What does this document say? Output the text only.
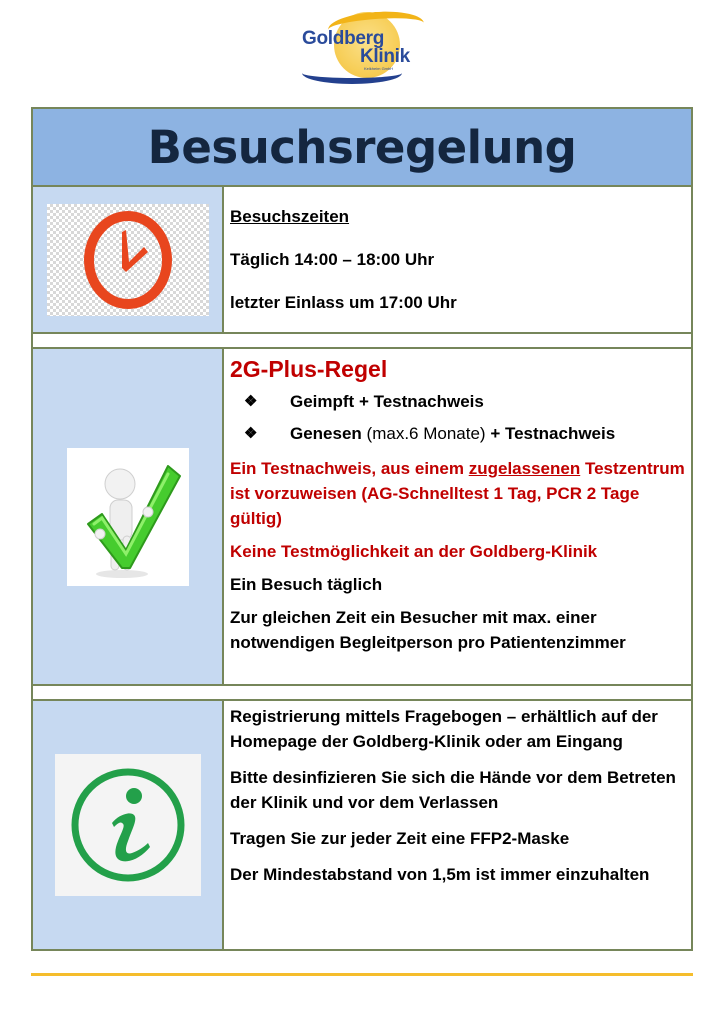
Goldberg
Klinik
Kelkheim GmbH
Besuchsregelung

Besuchszeiten

Täglich 14:00 – 18:00 Uhr

letzter Einlass um 17:00 Uhr

2G-Plus-Regel

❖	Geimpft + Testnachweis
❖	Genesen (max.6 Monate) + Testnachweis

Ein Testnachweis, aus einem zugelassenen Testzentrum ist vorzuweisen (AG-Schnelltest 1 Tag, PCR 2 Tage gültig)

Keine Testmöglichkeit an der Goldberg-Klinik

Ein Besuch täglich

Zur gleichen Zeit ein Besucher mit max. einer notwendigen Begleitperson pro Patientenzimmer

Registrierung mittels Fragebogen – erhältlich auf der Homepage der Goldberg-Klinik oder am Eingang

Bitte desinfizieren Sie sich die Hände vor dem Betreten der Klinik und vor dem Verlassen

Tragen Sie zur jeder Zeit eine FFP2-Maske

Der Mindestabstand von 1,5m ist immer einzuhalten
